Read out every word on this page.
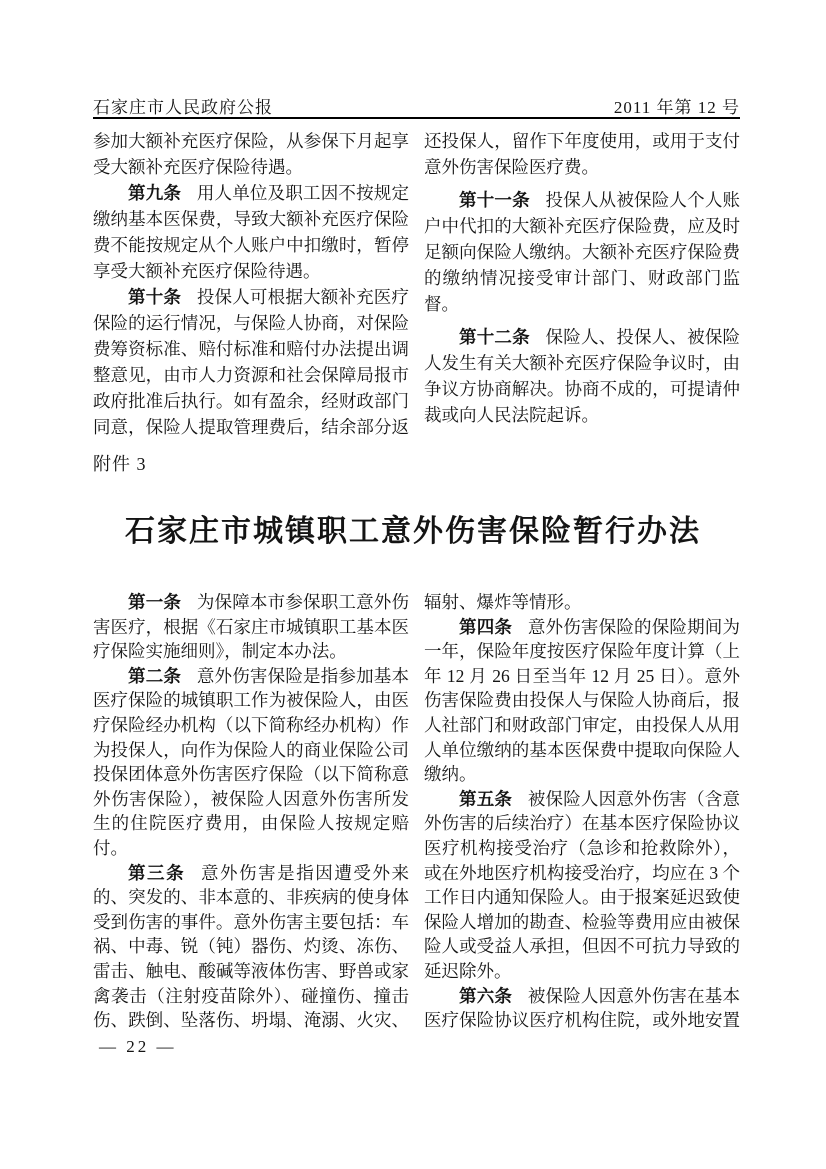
石家庄市人民政府公报	2011 年第 12 号

参加大额补充医疗保险，从参保下月起享受大额补充医疗保险待遇。

第九条 用人单位及职工因不按规定缴纳基本医保费，导致大额补充医疗保险费不能按规定从个人账户中扣缴时，暂停享受大额补充医疗保险待遇。

第十条 投保人可根据大额补充医疗保险的运行情况，与保险人协商，对保险费筹资标准、赔付标准和赔付办法提出调整意见，由市人力资源和社会保障局报市政府批准后执行。如有盈余，经财政部门同意，保险人提取管理费后，结余部分返

还投保人，留作下年度使用，或用于支付意外伤害保险医疗费。

第十一条 投保人从被保险人个人账户中代扣的大额补充医疗保险费，应及时足额向保险人缴纳。大额补充医疗保险费的缴纳情况接受审计部门、财政部门监督。

第十二条 保险人、投保人、被保险人发生有关大额补充医疗保险争议时，由争议方协商解决。协商不成的，可提请仲裁或向人民法院起诉。

附件 3
石家庄市城镇职工意外伤害保险暂行办法

第一条 为保障本市参保职工意外伤害医疗，根据《石家庄市城镇职工基本医疗保险实施细则》，制定本办法。

第二条 意外伤害保险是指参加基本医疗保险的城镇职工作为被保险人，由医疗保险经办机构（以下简称经办机构）作为投保人，向作为保险人的商业保险公司投保团体意外伤害医疗保险（以下简称意外伤害保险），被保险人因意外伤害所发生的住院医疗费用，由保险人按规定赔付。

第三条 意外伤害是指因遭受外来的、突发的、非本意的、非疾病的使身体受到伤害的事件。意外伤害主要包括：车祸、中毒、锐（钝）器伤、灼烫、冻伤、雷击、触电、酸碱等液体伤害、野兽或家禽袭击（注射疫苗除外）、碰撞伤、撞击伤、跌倒、坠落伤、坍塌、淹溺、火灾、

辐射、爆炸等情形。

第四条 意外伤害保险的保险期间为一年，保险年度按医疗保险年度计算（上年 12 月 26 日至当年 12 月 25 日）。意外伤害保险费由投保人与保险人协商后，报人社部门和财政部门审定，由投保人从用人单位缴纳的基本医保费中提取向保险人缴纳。

第五条 被保险人因意外伤害（含意外伤害的后续治疗）在基本医疗保险协议医疗机构接受治疗（急诊和抢救除外），或在外地医疗机构接受治疗，均应在 3 个工作日内通知保险人。由于报案延迟致使保险人增加的勘查、检验等费用应由被保险人或受益人承担，但因不可抗力导致的延迟除外。

第六条 被保险人因意外伤害在基本医疗保险协议医疗机构住院，或外地安置

— 22 —
